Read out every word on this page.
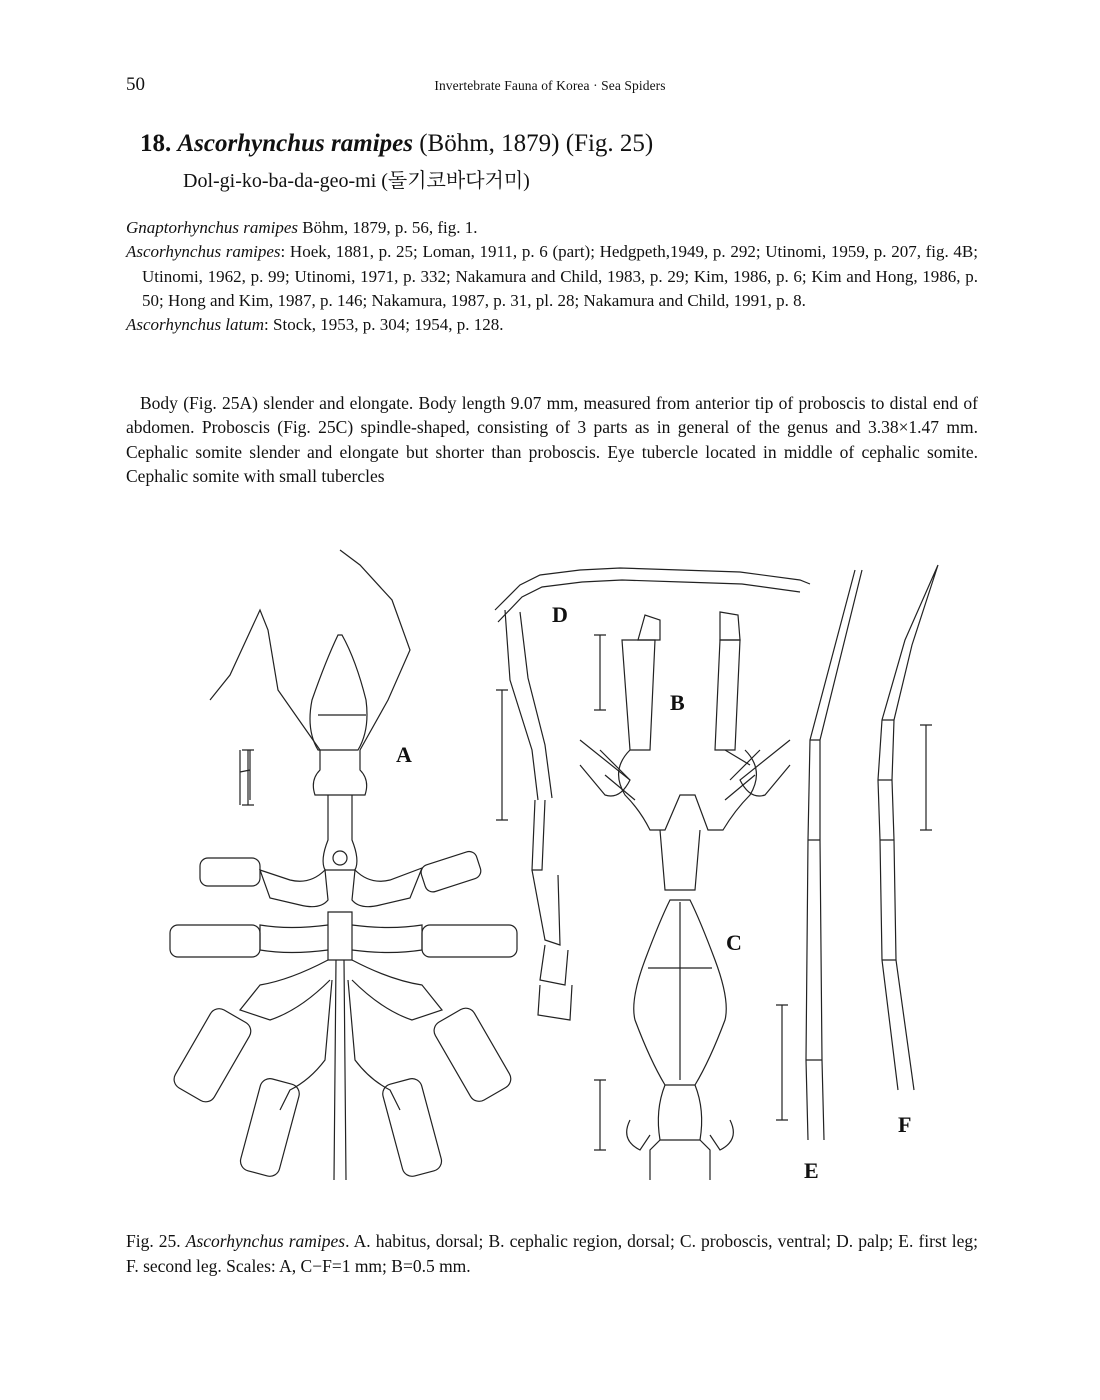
50	Invertebrate Fauna of Korea · Sea Spiders
18. Ascorhynchus ramipes (Böhm, 1879) (Fig. 25)
Dol-gi-ko-ba-da-geo-mi (돌기코바다거미)
Gnaptorhynchus ramipes Böhm, 1879, p. 56, fig. 1.
Ascorhynchus ramipes: Hoek, 1881, p. 25; Loman, 1911, p. 6 (part); Hedgpeth,1949, p. 292; Utinomi, 1959, p. 207, fig. 4B; Utinomi, 1962, p. 99; Utinomi, 1971, p. 332; Nakamura and Child, 1983, p. 29; Kim, 1986, p. 6; Kim and Hong, 1986, p. 50; Hong and Kim, 1987, p. 146; Nakamura, 1987, p. 31, pl. 28; Nakamura and Child, 1991, p. 8.
Ascorhynchus latum: Stock, 1953, p. 304; 1954, p. 128.
Body (Fig. 25A) slender and elongate. Body length 9.07 mm, measured from anterior tip of proboscis to distal end of abdomen. Proboscis (Fig. 25C) spindle-shaped, consisting of 3 parts as in general of the genus and 3.38×1.47 mm. Cephalic somite slender and elongate but shorter than proboscis. Eye tubercle located in middle of cephalic somite. Cephalic somite with small tubercles
A
D
B
C
E
F
Fig. 25. Ascorhynchus ramipes. A. habitus, dorsal; B. cephalic region, dorsal; C. proboscis, ventral; D. palp; E. first leg; F. second leg. Scales: A, C−F=1 mm; B=0.5 mm.
